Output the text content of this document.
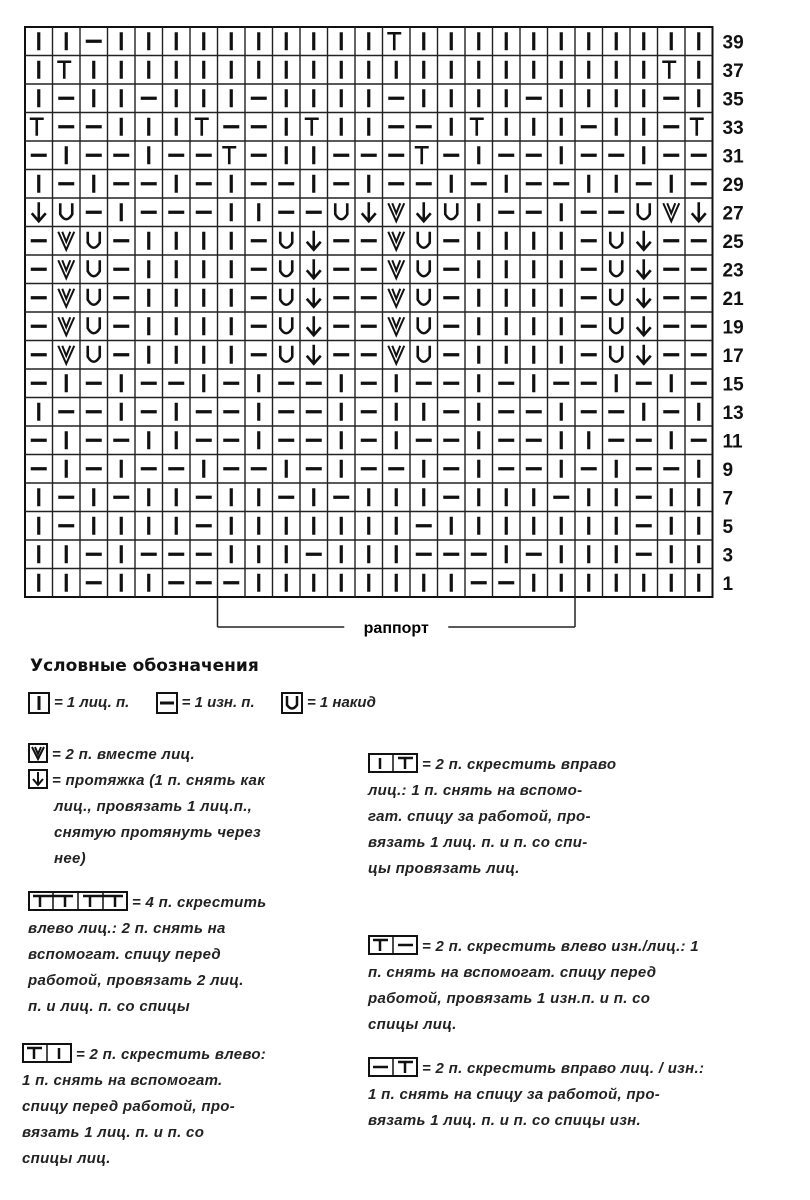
39
37
35
33
31
29
27
25
23
21
19
17
15
13
11
9
7
5
3
1
раппорт
Условные обозначения
= 1 лиц. п.	= 1 изн. п.	= 1 накид
= 2 п. вместе лиц.
= протяжка (1 п. снять как
лиц., провязать 1 лиц.п.,
снятую протянуть через
нее)
= 4 п. скрестить
влево лиц.: 2 п. снять на
вспомогат. спицу перед
работой, провязать 2 лиц.
п. и лиц. п. со спицы
= 2 п. скрестить влево:
1 п. снять на вспомогат.
спицу перед работой, про-
вязать 1 лиц. п. и п. со
спицы лиц.
= 2 п. скрестить вправо
лиц.: 1 п. снять на вспомо-
гат. спицу за работой, про-
вязать 1 лиц. п. и п. со спи-
цы провязать лиц.
= 2 п. скрестить влево изн./лиц.: 1
п. снять на вспомогат. спицу перед
работой, провязать 1 изн.п. и п. со
спицы лиц.
= 2 п. скрестить вправо лиц. / изн.:
1 п. снять на спицу за работой, про-
вязать 1 лиц. п. и п. со спицы изн.
